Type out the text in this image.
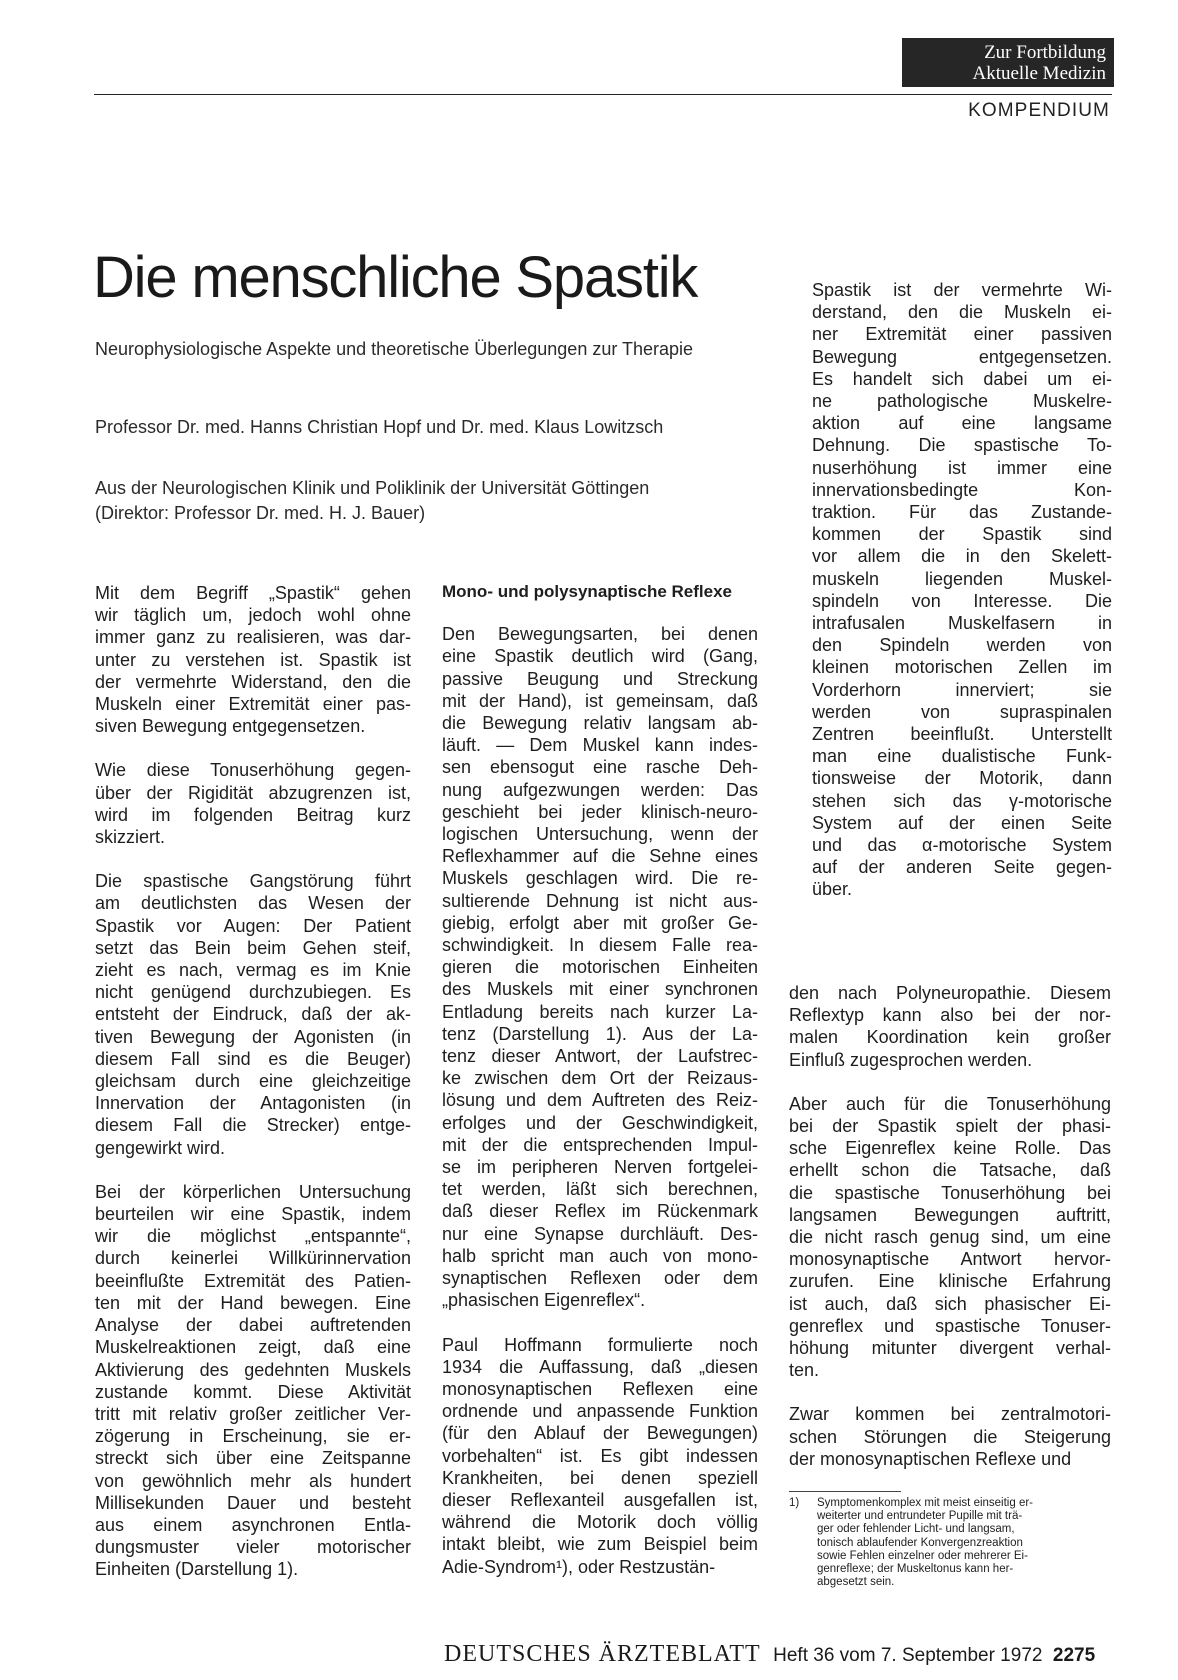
Zur Fortbildung
Aktuelle Medizin
KOMPENDIUM
Die menschliche Spastik
Neurophysiologische Aspekte und theoretische Überlegungen zur Therapie
Professor Dr. med. Hanns Christian Hopf und Dr. med. Klaus Lowitzsch
Aus der Neurologischen Klinik und Poliklinik der Universität Göttingen
(Direktor: Professor Dr. med. H. J. Bauer)

Mit dem Begriff „Spastik“ gehen
wir täglich um, jedoch wohl ohne
immer ganz zu realisieren, was dar-
unter zu verstehen ist. Spastik ist
der vermehrte Widerstand, den die
Muskeln einer Extremität einer pas-
siven Bewegung entgegensetzen.

Wie diese Tonuserhöhung gegen-
über der Rigidität abzugrenzen ist,
wird im folgenden Beitrag kurz
skizziert.

Die spastische Gangstörung führt
am deutlichsten das Wesen der
Spastik vor Augen: Der Patient
setzt das Bein beim Gehen steif,
zieht es nach, vermag es im Knie
nicht genügend durchzubiegen. Es
entsteht der Eindruck, daß der ak-
tiven Bewegung der Agonisten (in
diesem Fall sind es die Beuger)
gleichsam durch eine gleichzeitige
Innervation der Antagonisten (in
diesem Fall die Strecker) entge-
gengewirkt wird.

Bei der körperlichen Untersuchung
beurteilen wir eine Spastik, indem
wir die möglichst „entspannte“,
durch keinerlei Willkürinnervation
beeinflußte Extremität des Patien-
ten mit der Hand bewegen. Eine
Analyse der dabei auftretenden
Muskelreaktionen zeigt, daß eine
Aktivierung des gedehnten Muskels
zustande kommt. Diese Aktivität
tritt mit relativ großer zeitlicher Ver-
zögerung in Erscheinung, sie er-
streckt sich über eine Zeitspanne
von gewöhnlich mehr als hundert
Millisekunden Dauer und besteht
aus einem asynchronen Entla-
dungsmuster vieler motorischer
Einheiten (Darstellung 1).

Mono- und polysynaptische Reflexe

Den Bewegungsarten, bei denen
eine Spastik deutlich wird (Gang,
passive Beugung und Streckung
mit der Hand), ist gemeinsam, daß
die Bewegung relativ langsam ab-
läuft. — Dem Muskel kann indes-
sen ebensogut eine rasche Deh-
nung aufgezwungen werden: Das
geschieht bei jeder klinisch-neuro-
logischen Untersuchung, wenn der
Reflexhammer auf die Sehne eines
Muskels geschlagen wird. Die re-
sultierende Dehnung ist nicht aus-
giebig, erfolgt aber mit großer Ge-
schwindigkeit. In diesem Falle rea-
gieren die motorischen Einheiten
des Muskels mit einer synchronen
Entladung bereits nach kurzer La-
tenz (Darstellung 1). Aus der La-
tenz dieser Antwort, der Laufstrec-
ke zwischen dem Ort der Reizaus-
lösung und dem Auftreten des Reiz-
erfolges und der Geschwindigkeit,
mit der die entsprechenden Impul-
se im peripheren Nerven fortgelei-
tet werden, läßt sich berechnen,
daß dieser Reflex im Rückenmark
nur eine Synapse durchläuft. Des-
halb spricht man auch von mono-
synaptischen Reflexen oder dem
„phasischen Eigenreflex“.

Paul Hoffmann formulierte noch
1934 die Auffassung, daß „diesen
monosynaptischen Reflexen eine
ordnende und anpassende Funktion
(für den Ablauf der Bewegungen)
vorbehalten“ ist. Es gibt indessen
Krankheiten, bei denen speziell
dieser Reflexanteil ausgefallen ist,
während die Motorik doch völlig
intakt bleibt, wie zum Beispiel beim
Adie-Syndrom¹), oder Restzustän-

Spastik ist der vermehrte Wi-
derstand, den die Muskeln ei-
ner Extremität einer passiven
Bewegung entgegensetzen.
Es handelt sich dabei um ei-
ne pathologische Muskelre-
aktion auf eine langsame
Dehnung. Die spastische To-
nuserhöhung ist immer eine
innervationsbedingte Kon-
traktion. Für das Zustande-
kommen der Spastik sind
vor allem die in den Skelett-
muskeln liegenden Muskel-
spindeln von Interesse. Die
intrafusalen Muskelfasern in
den Spindeln werden von
kleinen motorischen Zellen im
Vorderhorn innerviert; sie
werden von supraspinalen
Zentren beeinflußt. Unterstellt
man eine dualistische Funk-
tionsweise der Motorik, dann
stehen sich das γ-motorische
System auf der einen Seite
und das α-motorische System
auf der anderen Seite gegen-
über.

den nach Polyneuropathie. Diesem
Reflextyp kann also bei der nor-
malen Koordination kein großer
Einfluß zugesprochen werden.

Aber auch für die Tonuserhöhung
bei der Spastik spielt der phasi-
sche Eigenreflex keine Rolle. Das
erhellt schon die Tatsache, daß
die spastische Tonuserhöhung bei
langsamen Bewegungen auftritt,
die nicht rasch genug sind, um eine
monosynaptische Antwort hervor-
zurufen. Eine klinische Erfahrung
ist auch, daß sich phasischer Ei-
genreflex und spastische Tonuser-
höhung mitunter divergent verhal-
ten.

Zwar kommen bei zentralmotori-
schen Störungen die Steigerung
der monosynaptischen Reflexe und

1) Symptomenkomplex mit meist einseitig er-
weiterter und entrundeter Pupille mit trä-
ger oder fehlender Licht- und langsam,
tonisch ablaufender Konvergenzreaktion
sowie Fehlen einzelner oder mehrerer Ei-
genreflexe; der Muskeltonus kann her-
abgesetzt sein.
DEUTSCHES ÄRZTEBLATT Heft 36 vom 7. September 1972 2275
